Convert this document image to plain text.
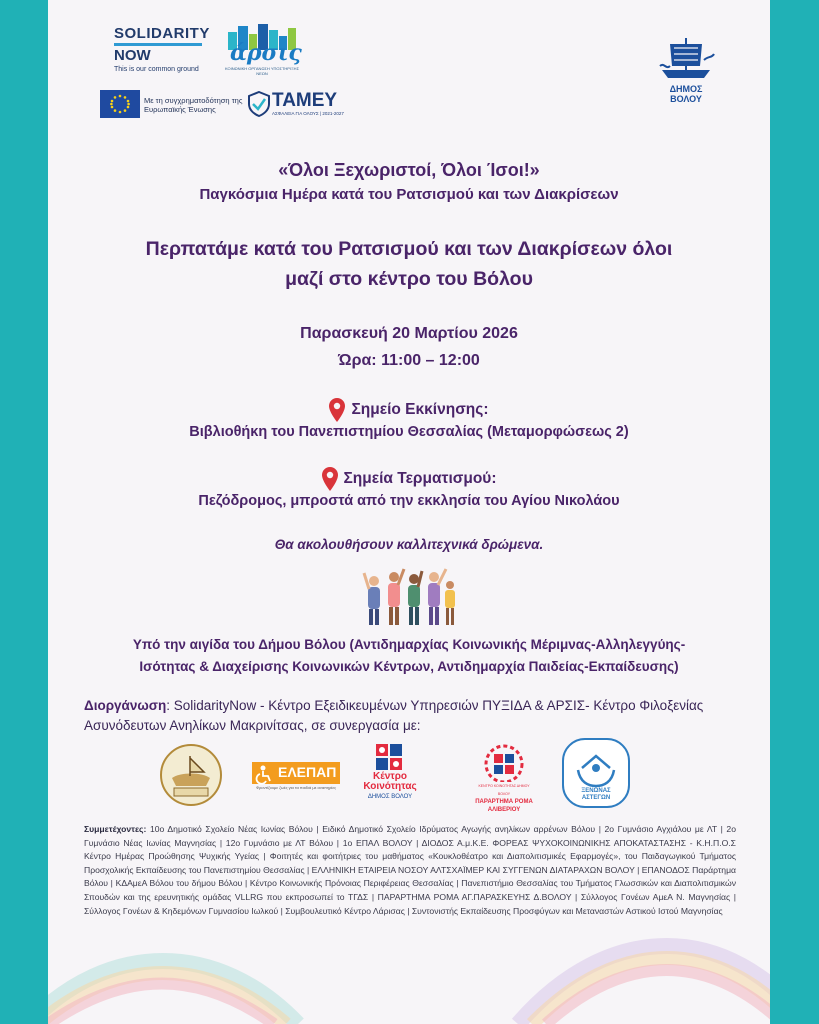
SOLIDARITY
NOW
This is our common ground
άρσις
ΚΟΙΝΩΝΙΚΗ ΟΡΓΑΝΩΣΗ ΥΠΟΣΤΗΡΙΞΗΣ ΝΕΩΝ
Με τη συγχρηματοδότηση της Ευρωπαϊκής Ένωσης	ΤΑΜΕΥ
ΑΣΦΑΛΕΙΑ ΓΙΑ ΟΛΟΥΣ | 2021-2027
ΔΗΜΟΣ ΒΟΛΟΥ
«Όλοι Ξεχωριστοί, Όλοι Ίσοι!»
Παγκόσμια Ημέρα κατά του Ρατσισμού και των Διακρίσεων
Περπατάμε κατά του Ρατσισμού και των Διακρίσεων όλοι
μαζί στο κέντρο του Βόλου
Παρασκευή 20 Μαρτίου 2026
Ώρα: 11:00 – 12:00
Σημείο Εκκίνησης:
Βιβλιοθήκη του Πανεπιστημίου Θεσσαλίας (Μεταμορφώσεως 2)
Σημεία Τερματισμού:
Πεζόδρομος, μπροστά από την εκκλησία του Αγίου Νικολάου
Θα ακολουθήσουν καλλιτεχνικά δρώμενα.
Υπό την αιγίδα του Δήμου Βόλου (Αντιδημαρχίας Κοινωνικής Μέριμνας-Αλληλεγγύης-
Ισότητας & Διαχείρισης Κοινωνικών Κέντρων, Αντιδημαρχία Παιδείας-Εκπαίδευσης)
Διοργάνωση: SolidarityNow - Κέντρο Εξειδικευμένων Υπηρεσιών ΠΥΞΙΔΑ & ΑΡΣΙΣ- Κέντρο Φιλοξενίας Ασυνόδευτων Ανηλίκων Μακρινίτσας, σε συνεργασία με:
ΕΛΕΠΑΠ
Φροντίζουμε ζωές για τα παιδιά με αναπηρίες
Κέντρο
Κοινότητας
ΔΗΜΟΣ ΒΟΛΟΥ
ΚΕΝΤΡΟ ΚΟΙΝΟΤΗΤΑΣ ΔΗΜΟΥ ΒΟΛΟΥ
ΠΑΡΑΡΤΗΜΑ ΡΟΜΑ
ΑΛΙΒΕΡΙΟΥ
ΞΕΝΩΝΑΣ
ΑΣΤΕΓΩΝ
Συμμετέχοντες: 10ο Δημοτικό Σχολείο Νέας Ιωνίας Βόλου | Ειδικό Δημοτικό Σχολείο Ιδρύματος Αγωγής ανηλίκων αρρένων Βόλου | 2ο Γυμνάσιο Αγχιάλου με ΛΤ | 2ο Γυμνάσιο Νέας Ιωνίας Μαγνησίας | 12ο Γυμνάσιο με ΛΤ Βόλου | 1ο ΕΠΑΛ ΒΟΛΟΥ | ΔΙΟΔΟΣ Α.μ.Κ.Ε. ΦΟΡΕΑΣ ΨΥΧΟΚΟΙΝΩΝΙΚΗΣ ΑΠΟΚΑΤΑΣΤΑΣΗΣ - Κ.Η.Π.Ο.Σ Κέντρο Ημέρας Προώθησης Ψυχικής Υγείας | Φοιτητές και φοιτήτριες του μαθήματος «Κουκλοθέατρο και Διαπολιτισμικές Εφαρμογές», του Παιδαγωγικού Τμήματος Προσχολικής Εκπαίδευσης του Πανεπιστημίου Θεσσαλίας | ΕΛΛΗΝΙΚΗ ΕΤΑΙΡΕΙΑ ΝΟΣΟΥ ΑΛΤΣΧΑΪΜΕΡ ΚΑΙ ΣΥΓΓΕΝΩΝ ΔΙΑΤΑΡΑΧΩΝ ΒΟΛΟΥ | ΕΠΑΝΟΔΟΣ Παράρτημα Βόλου | ΚΔΑμεΑ Βόλου του δήμου Βόλου | Κέντρο Κοινωνικής Πρόνοιας Περιφέρειας Θεσσαλίας | Πανεπιστήμιο Θεσσαλίας του Τμήματος Γλωσσικών και Διαπολιτισμικών Σπουδών και της ερευνητικής ομάδας VLLRG που εκπροσωπεί το ΤΓΔΣ | ΠΑΡΑΡΤΗΜΑ ΡΟΜΑ ΑΓ.ΠΑΡΑΣΚΕΥΗΣ Δ.ΒΟΛΟΥ | Σύλλογος Γονέων ΑμεΑ Ν. Μαγνησίας | Σύλλογος Γονέων & Κηδεμόνων Γυμνασίου Ιωλκού | Συμβουλευτικό Κέντρο Λάρισας | Συντονιστής Εκπαίδευσης Προσφύγων και Μεταναστών Αστικού Ιστού Μαγνησίας
